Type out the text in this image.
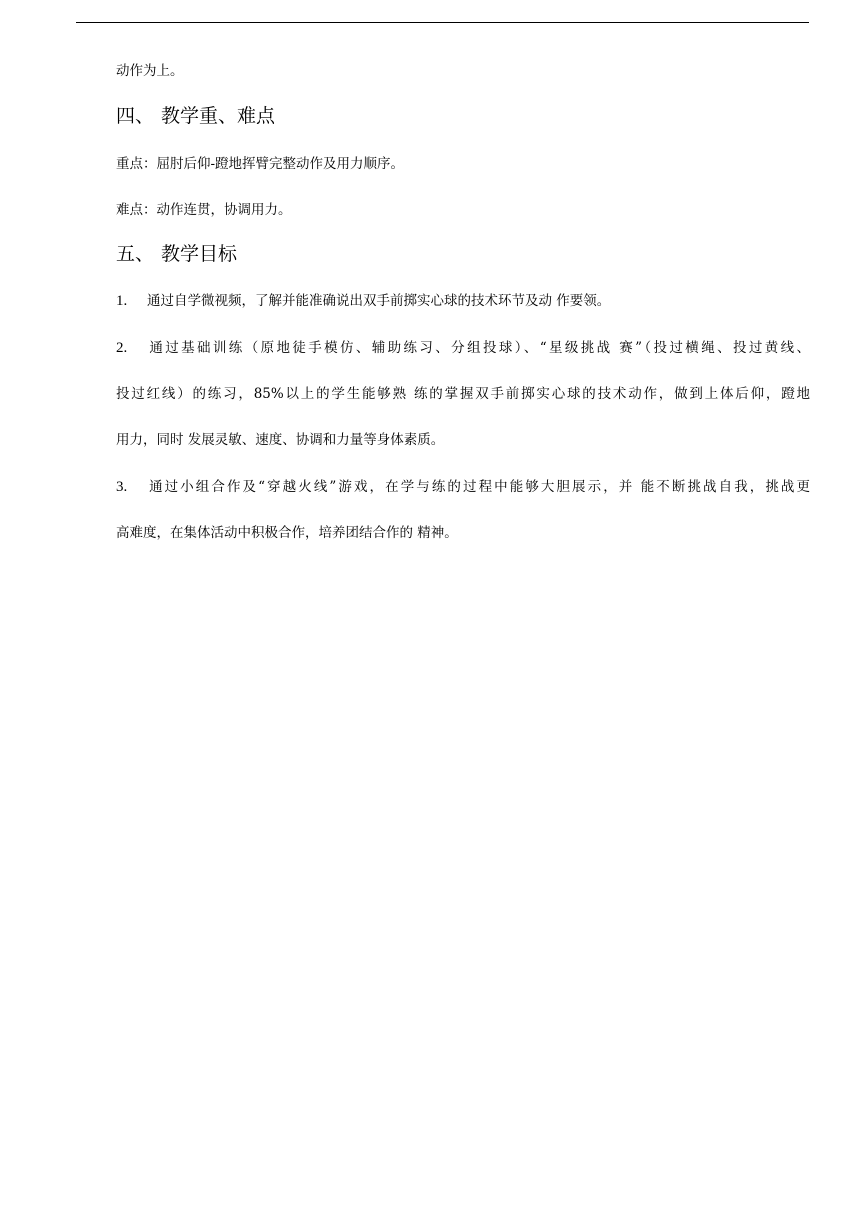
动作为上。
四、 教学重、难点
重点：屈肘后仰-蹬地挥臂完整动作及用力顺序。
难点：动作连贯，协调用力。
五、 教学目标
1. 通过自学微视频，了解并能准确说出双手前掷实心球的技术环节及动 作要领。
2. 通过基础训练（原地徒手模仿、辅助练习、分组投球）、“星级挑战 赛”（投过横绳、投过黄线、
投过红线）的练习，85%以上的学生能够熟 练的掌握双手前掷实心球的技术动作，做到上体后仰，蹬地
用力，同时 发展灵敏、速度、协调和力量等身体素质。
3. 通过小组合作及“穿越火线”游戏，在学与练的过程中能够大胆展示，并 能不断挑战自我，挑战更
高难度，在集体活动中积极合作，培养团结合作的 精神。
